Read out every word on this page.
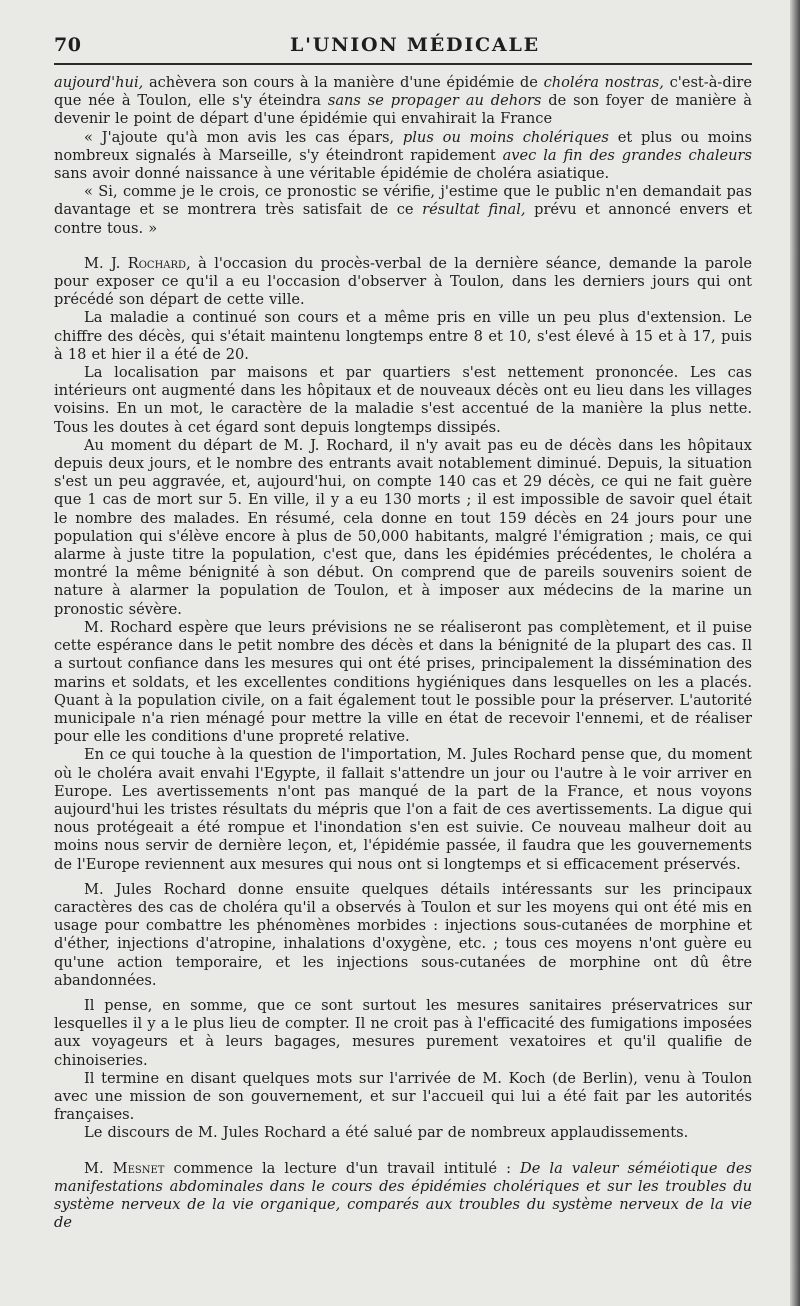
70	L'UNION MÉDICALE

aujourd'hui, achèvera son cours à la manière d'une épidémie de choléra nostras, c'est-à-dire que née à Toulon, elle s'y éteindra sans se propager au dehors de son foyer de manière à devenir le point de départ d'une épidémie qui envahirait la France

« J'ajoute qu'à mon avis les cas épars, plus ou moins cholériques et plus ou moins nombreux signalés à Marseille, s'y éteindront rapidement avec la fin des grandes chaleurs sans avoir donné naissance à une véritable épidémie de choléra asiatique.

« Si, comme je le crois, ce pronostic se vérifie, j'estime que le public n'en demandait pas davantage et se montrera très satisfait de ce résultat final, prévu et annoncé envers et contre tous. »

M. J. Rochard, à l'occasion du procès-verbal de la dernière séance, demande la parole pour exposer ce qu'il a eu l'occasion d'observer à Toulon, dans les derniers jours qui ont précédé son départ de cette ville.

La maladie a continué son cours et a même pris en ville un peu plus d'extension. Le chiffre des décès, qui s'était maintenu longtemps entre 8 et 10, s'est élevé à 15 et à 17, puis à 18 et hier il a été de 20.

La localisation par maisons et par quartiers s'est nettement prononcée. Les cas intérieurs ont augmenté dans les hôpitaux et de nouveaux décès ont eu lieu dans les villages voisins. En un mot, le caractère de la maladie s'est accentué de la manière la plus nette. Tous les doutes à cet égard sont depuis longtemps dissipés.

Au moment du départ de M. J. Rochard, il n'y avait pas eu de décès dans les hôpitaux depuis deux jours, et le nombre des entrants avait notablement diminué. Depuis, la situation s'est un peu aggravée, et, aujourd'hui, on compte 140 cas et 29 décès, ce qui ne fait guère que 1 cas de mort sur 5. En ville, il y a eu 130 morts ; il est impossible de savoir quel était le nombre des malades. En résumé, cela donne en tout 159 décès en 24 jours pour une population qui s'élève encore à plus de 50,000 habitants, malgré l'émigration ; mais, ce qui alarme à juste titre la population, c'est que, dans les épidémies précédentes, le choléra a montré la même bénignité à son début. On comprend que de pareils souvenirs soient de nature à alarmer la population de Toulon, et à imposer aux médecins de la marine un pronostic sévère.

M. Rochard espère que leurs prévisions ne se réaliseront pas complètement, et il puise cette espérance dans le petit nombre des décès et dans la bénignité de la plupart des cas. Il a surtout confiance dans les mesures qui ont été prises, principalement la dissémination des marins et soldats, et les excellentes conditions hygiéniques dans lesquelles on les a placés. Quant à la population civile, on a fait également tout le possible pour la préserver. L'autorité municipale n'a rien ménagé pour mettre la ville en état de recevoir l'ennemi, et de réaliser pour elle les conditions d'une propreté relative.

En ce qui touche à la question de l'importation, M. Jules Rochard pense que, du moment où le choléra avait envahi l'Egypte, il fallait s'attendre un jour ou l'autre à le voir arriver en Europe. Les avertissements n'ont pas manqué de la part de la France, et nous voyons aujourd'hui les tristes résultats du mépris que l'on a fait de ces avertissements. La digue qui nous protégeait a été rompue et l'inondation s'en est suivie. Ce nouveau malheur doit au moins nous servir de dernière leçon, et, l'épidémie passée, il faudra que les gouvernements de l'Europe reviennent aux mesures qui nous ont si longtemps et si efficacement préservés.

M. Jules Rochard donne ensuite quelques détails intéressants sur les principaux caractères des cas de choléra qu'il a observés à Toulon et sur les moyens qui ont été mis en usage pour combattre les phénomènes morbides : injections sous-cutanées de morphine et d'éther, injections d'atropine, inhalations d'oxygène, etc. ; tous ces moyens n'ont guère eu qu'une action temporaire, et les injections sous-cutanées de morphine ont dû être abandonnées.

Il pense, en somme, que ce sont surtout les mesures sanitaires préservatrices sur lesquelles il y a le plus lieu de compter. Il ne croit pas à l'efficacité des fumigations imposées aux voyageurs et à leurs bagages, mesures purement vexatoires et qu'il qualifie de chinoiseries.

Il termine en disant quelques mots sur l'arrivée de M. Koch (de Berlin), venu à Toulon avec une mission de son gouvernement, et sur l'accueil qui lui a été fait par les autorités françaises.

Le discours de M. Jules Rochard a été salué par de nombreux applaudissements.

M. Mesnet commence la lecture d'un travail intitulé : De la valeur séméiotique des manifestations abdominales dans le cours des épidémies cholériques et sur les troubles du système nerveux de la vie organique, comparés aux troubles du système nerveux de la vie de
